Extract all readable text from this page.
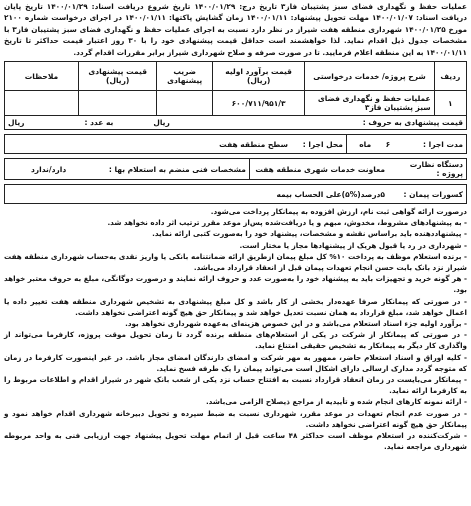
عملیات حفظ و نگهداری فضای سبز پشتیبان فاز۳ تاریخ درج: ۱۴۰۰/۰۱/۲۹ تاریخ شروع دریافت اسناد: ۱۴۰۰/۰۱/۲۹ تاریخ پایان دریافت اسناد: ۱۴۰۰/۰۱/۰۷ مهلت تحویل پیشنهاد: ۱۴۰۰/۰۱/۱۱ زمان گشایش پاکتها: ۱۴۰۰/۰۱/۱۱ در اجرای درخواست شماره ۲۱۰۰ مورخ ۱۴۰۰/۰۱/۲۵ شهرداری منطقه هفت شیراز در نظر دارد نسبت به اجرای عملیات حفظ و نگهداری فضای سبز پشتیبان فاز۳ با مشخصات جدول ذیل اقدام نماید. لذا خواهشمند است حداقل قیمت پیشنهادی خود را با ۳۰ روز اعتبار قیمت حداکثر تا تاریخ ۱۴۰۰/۰۱/۱۱ به این منطقه اعلام فرمایید. تا در صورت صرفه و صلاح شهرداری شیراز برابر مقررات اقدام گردد.
ردیف	شرح پروژه/ خدمات درخواستی	قیمت برآورد اولیه (ریال)	ضریب پیشنهادی	قیمت پیشنهادی (ریال)	ملاحظات
۱	عملیات حفظ و نگهداری فضای سبز پشتیبان فاز۳	۶۰۰/۷۱۱/۹۵۱/۳			
قیمت پیشنهادی به حروف :
ریال
به عدد :
ریال
مدت اجرا :	۶	ماه	محل اجرا :	سطح منطقه هفت
دستگاه نظارت پروژه :	معاونت خدمات شهری منطقه هفت	مشخصات فنی منضم به استعلام بها :	دارد/ندارد
کسورات پیمان :	۵درصد(%۵)علی الحساب بیمه

درصورت ارائه گواهی ثبت نام، ارزش افزوده به پیمانکار پرداخت می‌شود.

- به پیشنهادهای مشروط، مخدوش، مبهم و یا دریافت‌شده پس‌از موعد مقرر ترتیب اثر داده نخواهد شد.

- پیشنهاددهنده باید براساس نقشه و مشخصات، پیشنهاد خود را به‌صورت کتبی ارائه نماید.

- شهرداری در رد یا قبول هریک از پیشنهادها مجاز یا مختار است.

- برنده استعلام موظف به پرداخت ۱۰% کل مبلغ پیمان ازطریق ارائه ضمانتنامه بانکی یا واریز نقدی به‌حساب شهرداری منطقه هفت شیراز نزد بانک بابت حسن انجام تعهدات پیمان قبل از انعقاد قرارداد می‌باشد.

- هر گونه خرید و تجهیزات باید به پیشنهاد خود را به‌صورت عدد و حروف ارائه نمایند و درصورت دوگانگی، مبلغ به حروف معتبر خواهد بود.

- در صورتی که پیمانکار صرفا عهده‌دار بخشی از کار باشد و کل مبلغ پیشنهادی به تشخیص شهرداری منطقه هفت تغییر داده یا اعمال خواهد شد، مبلغ قرارداد به همان نسبت تعدیل خواهد شد و پیمانکار حق هیچ گونه اعتراضی نخواهد داشت.

- برآورد اولیه جزء اسناد استعلام می‌باشد و در این خصوص هزینه‌ای به‌عهده شهرداری نخواهد بود.

- در صورتی که پیمانکار از شرکت در یکی از استعلام‌های منطقه برنده گردد تا زمان تحویل موقت پروژه، کارفرما می‌تواند از واگذاری کار دیگر به پیمانکار به تشخیص حقیقی امتناع نماید.

- کلیه اوراق و اسناد استعلام حاضر، ممهور به مهر شرکت و امضای دارندگان امضای مجاز باشد. در غیر اینصورت کارفرما در زمان که متوجه گردد مدارک ارسالی دارای اشکال است می‌تواند پیمان را یک طرفه فسخ نماید.

- پیمانکار می‌بایست در زمان انعقاد قرارداد نسبت به افتتاح حساب نزد یکی از شعب بانک شهر در شیراز اقدام و اطلاعات مربوط را به کارفرما ارائه نماید.

- ارائه نمونه کارهای انجام شده و تأییدیه از مراجع ذیصلاح الزامی می‌باشد.

- در صورت عدم انجام تعهدات در موعد مقرر، شهرداری نسبت به ضبط سپرده و تحویل دبیرخانه شهرداری اقدام خواهد نمود و پیمانکار حق هیچ گونه اعتراضی نخواهد داشت.

- شرکت‌کننده در استعلام موظف است حداکثر ۴۸ ساعت قبل از اتمام مهلت تحویل پیشنهاد جهت ارزیابی فنی به واحد مربوطه شهرداری مراجعه نماید.
